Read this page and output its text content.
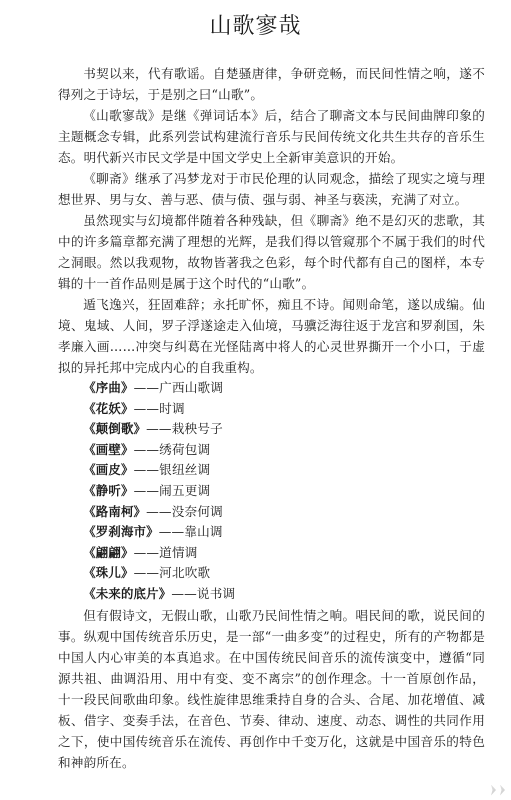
山歌寥哉

书契以来，代有歌谣。自楚骚唐律，争研竞畅，而民间性情之响，遂不得列之于诗坛，于是别之曰“山歌”。

《山歌寥哉》是继《弹词话本》后，结合了聊斋文本与民间曲牌印象的主题概念专辑，此系列尝试构建流行音乐与民间传统文化共生共存的音乐生态。明代新兴市民文学是中国文学史上全新审美意识的开始。

《聊斋》继承了冯梦龙对于市民伦理的认同观念，描绘了现实之境与理想世界、男与女、善与恶、债与债、强与弱、神圣与亵渎，充满了对立。

虽然现实与幻境都伴随着各种残缺，但《聊斋》绝不是幻灭的悲歌，其中的许多篇章都充满了理想的光辉，是我们得以管窥那个不属于我们的时代之洞眼。然以我观物，故物皆著我之色彩，每个时代都有自己的图样，本专辑的十一首作品则是属于这个时代的“山歌”。

遁飞逸兴，狂固难辞；永托旷怀，痴且不诗。闻则命笔，遂以成编。仙境、鬼域、人间，罗子浮遂途走入仙境，马骥泛海往返于龙宫和罗刹国，朱孝廉入画……冲突与纠葛在光怪陆离中将人的心灵世界撕开一个小口，于虚拟的异托邦中完成内心的自我重构。

《序曲》——广西山歌调
《花妖》——时调
《颠倒歌》——栽秧号子
《画壁》——绣荷包调
《画皮》——银纽丝调
《静听》——闹五更调
《路南柯》——没奈何调
《罗刹海市》——靠山调
《翩翩》——道情调
《珠儿》——河北吹歌
《未来的底片》——说书调

但有假诗文，无假山歌，山歌乃民间性情之响。唱民间的歌，说民间的事。纵观中国传统音乐历史，是一部“一曲多变”的过程史，所有的产物都是中国人内心审美的本真追求。在中国传统民间音乐的流传演变中，遵循“同源共祖、曲调沿用、用中有变、变不离宗”的创作理念。十一首原创作品，十一段民间歌曲印象。线性旋律思维秉持自身的合头、合尾、加花增值、减板、借字、变奏手法，在音色、节奏、律动、速度、动态、调性的共同作用之下，使中国传统音乐在流传、再创作中千变万化，这就是中国音乐的特色和神韵所在。
